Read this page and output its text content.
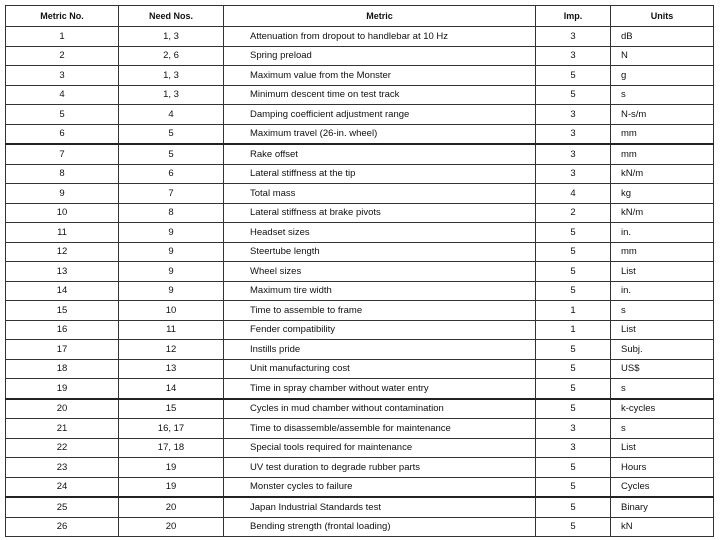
Metric No.	Need Nos.	Metric	Imp.	Units
1	1, 3	Attenuation from dropout to handlebar at 10 Hz	3	dB
2	2, 6	Spring preload	3	N
3	1, 3	Maximum value from the Monster	5	g
4	1, 3	Minimum descent time on test track	5	s
5	4	Damping coefficient adjustment range	3	N-s/m
6	5	Maximum travel (26-in. wheel)	3	mm
7	5	Rake offset	3	mm
8	6	Lateral stiffness at the tip	3	kN/m
9	7	Total mass	4	kg
10	8	Lateral stiffness at brake pivots	2	kN/m
11	9	Headset sizes	5	in.
12	9	Steertube length	5	mm
13	9	Wheel sizes	5	List
14	9	Maximum tire width	5	in.
15	10	Time to assemble to frame	1	s
16	11	Fender compatibility	1	List
17	12	Instills pride	5	Subj.
18	13	Unit manufacturing cost	5	US$
19	14	Time in spray chamber without water entry	5	s
20	15	Cycles in mud chamber without contamination	5	k-cycles
21	16, 17	Time to disassemble/assemble for maintenance	3	s
22	17, 18	Special tools required for maintenance	3	List
23	19	UV test duration to degrade rubber parts	5	Hours
24	19	Monster cycles to failure	5	Cycles
25	20	Japan Industrial Standards test	5	Binary
26	20	Bending strength (frontal loading)	5	kN
